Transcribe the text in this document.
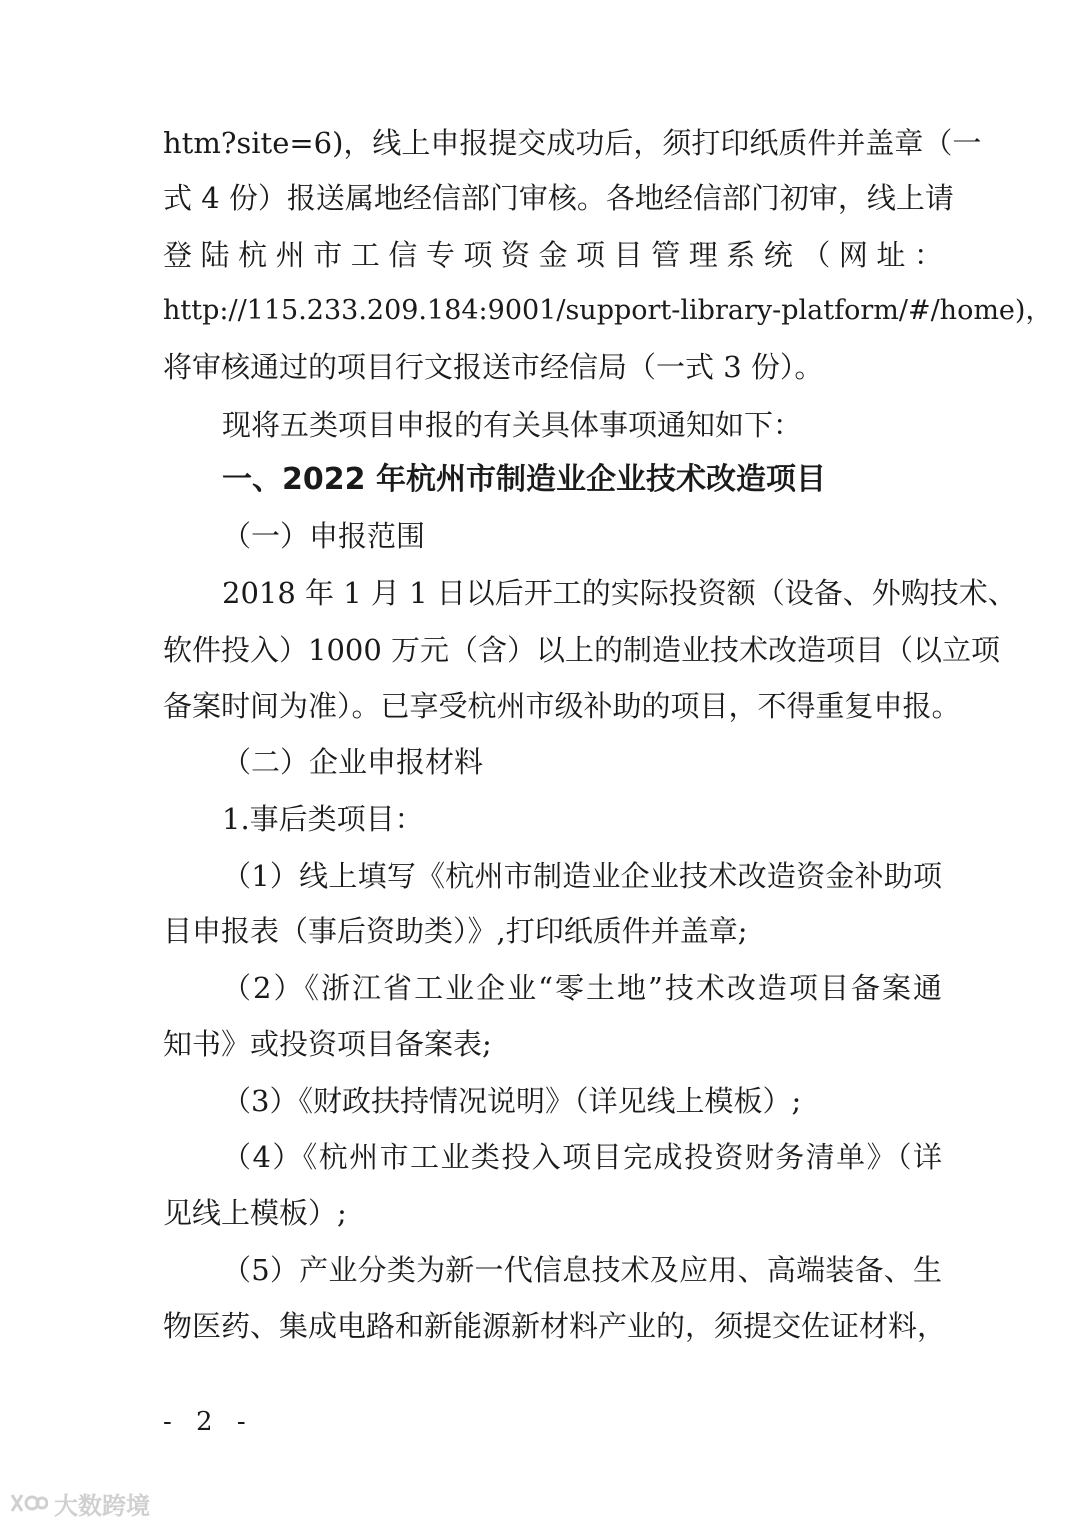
htm?site=6)，线上申报提交成功后，须打印纸质件并盖章（一
式 4 份）报送属地经信部门审核。各地经信部门初审，线上请
登陆杭州市工信专项资金项目管理系统（网址：
http://115.233.209.184:9001/support-library-platform/#/home)，
将审核通过的项目行文报送市经信局（一式 3 份）。
现将五类项目申报的有关具体事项通知如下：
一、2022 年杭州市制造业企业技术改造项目
（一）申报范围
2018 年 1 月 1 日以后开工的实际投资额（设备、外购技术、
软件投入）1000 万元（含）以上的制造业技术改造项目（以立项
备案时间为准）。已享受杭州市级补助的项目，不得重复申报。
（二）企业申报材料
1.事后类项目：
（1）线上填写《杭州市制造业企业技术改造资金补助项
目申报表（事后资助类）》,打印纸质件并盖章;
（2）《浙江省工业企业“零土地”技术改造项目备案通
知书》或投资项目备案表;
（3）《财政扶持情况说明》（详见线上模板）;
（4）《杭州市工业类投入项目完成投资财务清单》（详
见线上模板）;
（5）产业分类为新一代信息技术及应用、高端装备、生
物医药、集成电路和新能源新材料产业的，须提交佐证材料，
- 2 -
大数跨境
